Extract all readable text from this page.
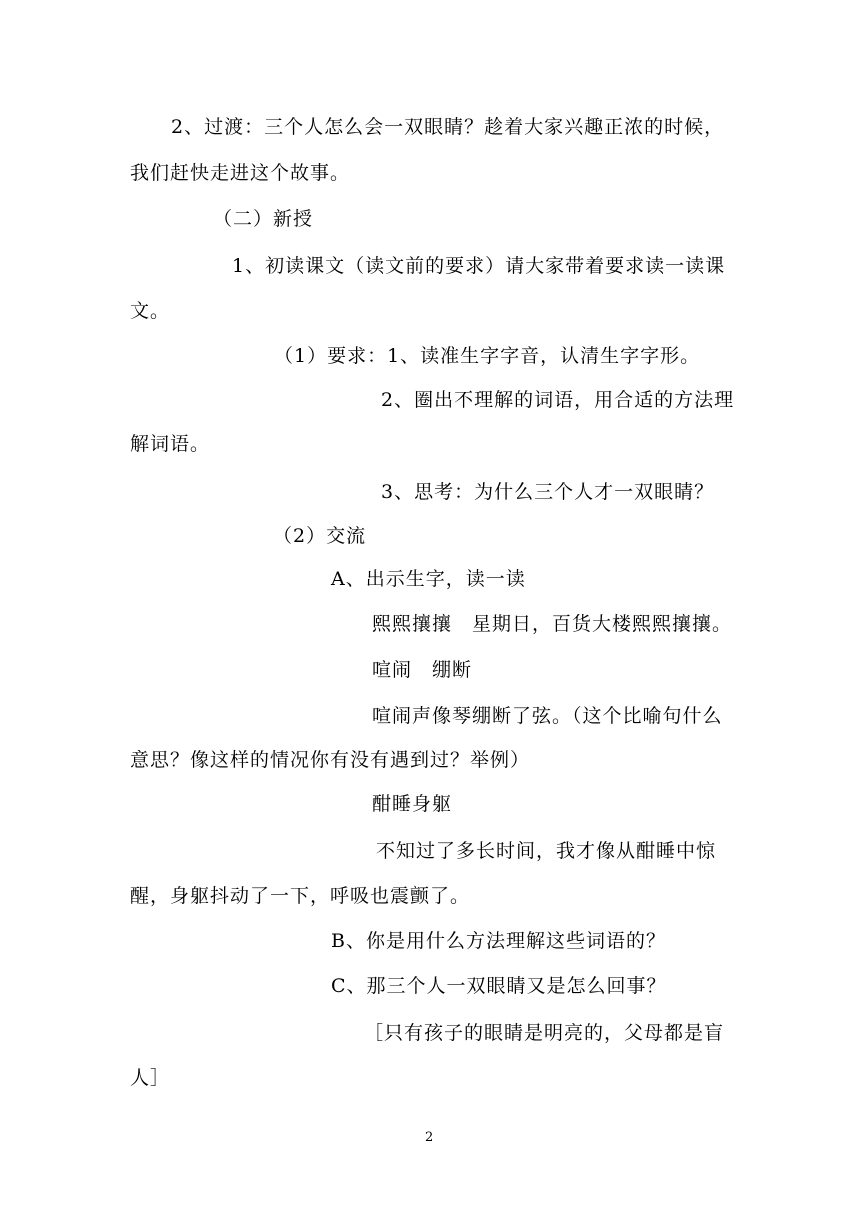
2、过渡：三个人怎么会一双眼睛？趁着大家兴趣正浓的时候，
我们赶快走进这个故事。
（二）新授
1、初读课文（读文前的要求）请大家带着要求读一读课
文。
（1）要求：1、读准生字字音，认清生字字形。
2、圈出不理解的词语，用合适的方法理
解词语。
3、思考：为什么三个人才一双眼睛？
（2）交流
A、出示生字，读一读
熙熙攘攘　星期日，百货大楼熙熙攘攘。
喧闹　绷断
喧闹声像琴绷断了弦。（这个比喻句什么
意思？像这样的情况你有没有遇到过？举例）
酣睡身躯
不知过了多长时间，我才像从酣睡中惊
醒，身躯抖动了一下，呼吸也震颤了。
B、你是用什么方法理解这些词语的？
C、那三个人一双眼睛又是怎么回事？
［只有孩子的眼睛是明亮的，父母都是盲
人］
2
